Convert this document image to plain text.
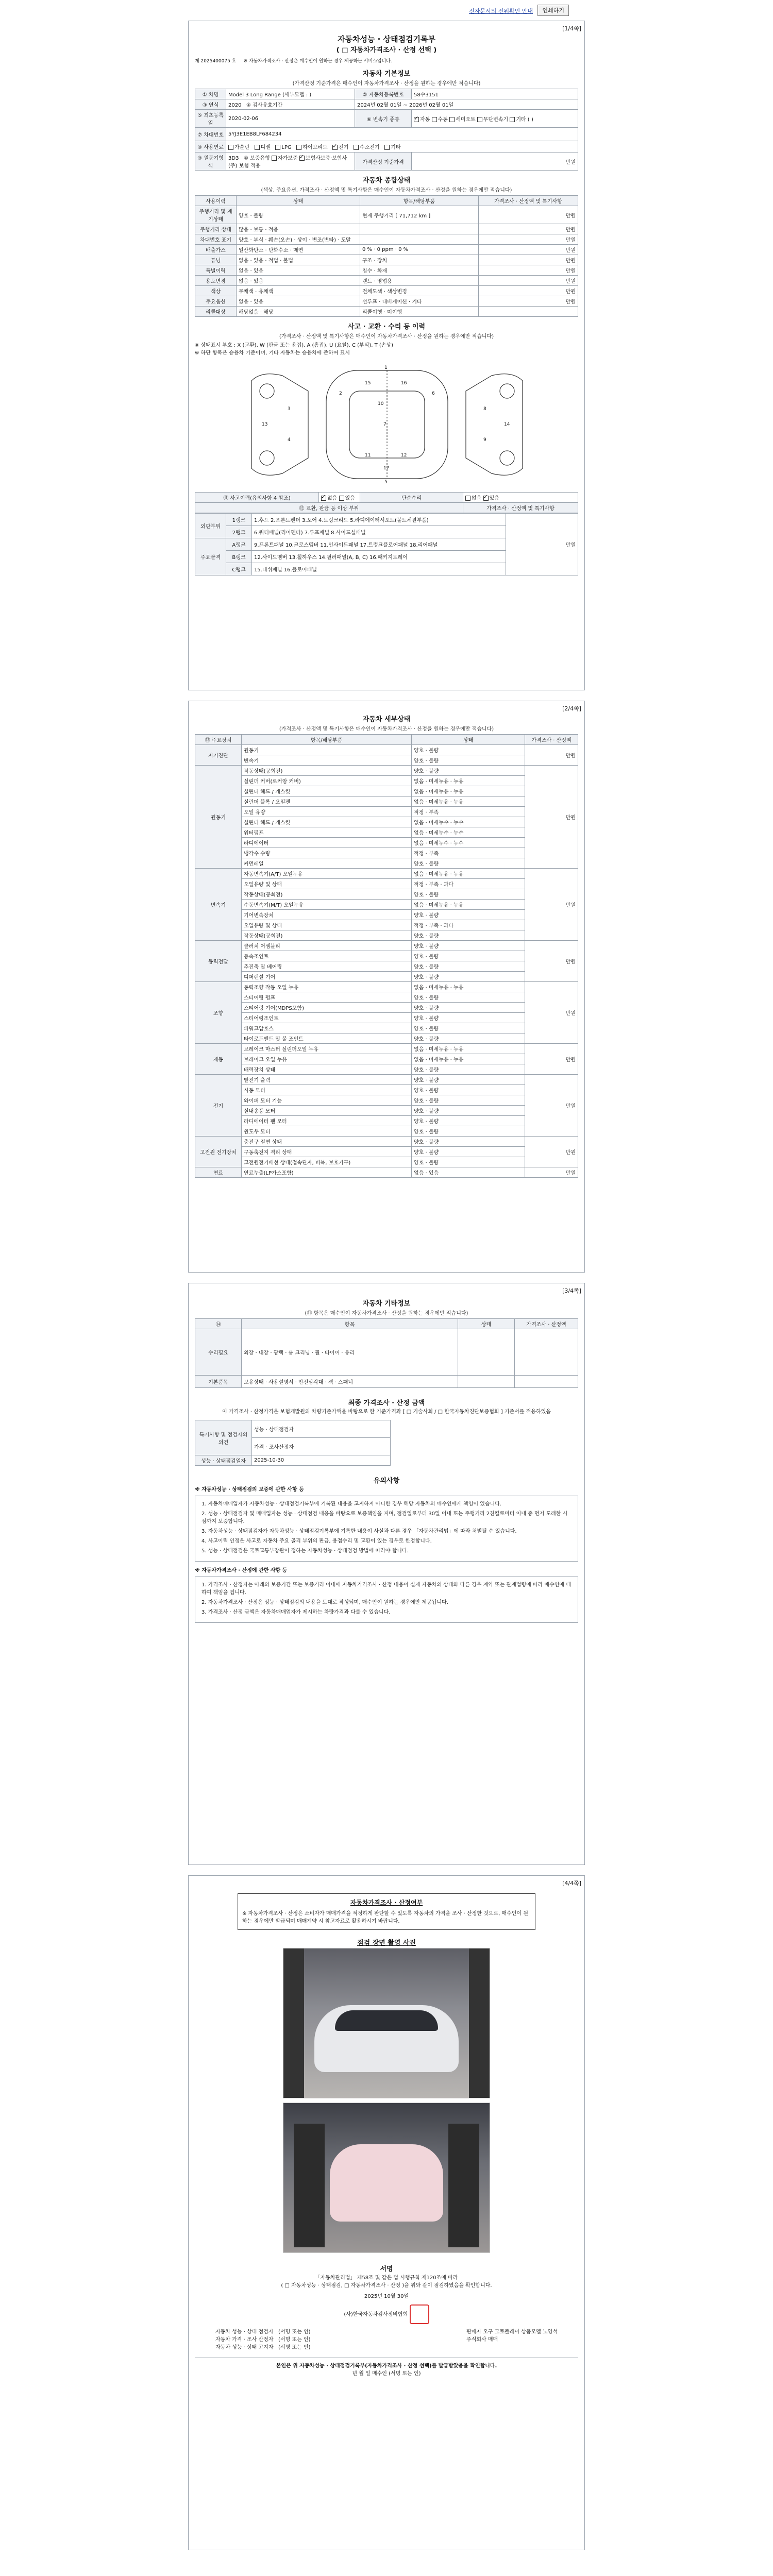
[1/4쪽]
전자문서의 진위확인 안내	인쇄하기
자동차성능 · 상태점검기록부
( □ 자동차가격조사 · 산정 선택 )
제 2025400075 호 ※ 자동차가격조사 · 산정은 매수인이 원하는 경우 제공하는 서비스입니다.
자동차 기본정보
(가격산정 기준가격은 매수인이 자동차가격조사 · 산정을 원하는 경우에만 적습니다)
① 차명	Model 3 Long Range (세부모델 : )	② 자동차등록번호	58수3151
③ 연식	2020 ④ 검사유효기간	2024년 02월 01일 ~ 2026년 02월 01일	
⑤ 최초등록일	2020-02-06	⑥ 변속기 종류	✓자동 수동 세미오토 무단변속기 기타 ( )
⑦ 차대번호	5YJ3E1EB8LF684234		
⑧ 사용연료	가솔린 디젤 LPG 하이브리드 ✓ 전기 수소전기 기타
⑨ 원동기형식	3D3 ⑩ 보증유형 자가보증 ✓ 보험사보증·보험사(주) 보험 적용	가격산정 기준가격	만원
자동차 종합상태
(색상, 주요옵션, 가격조사 · 산정액 및 특기사항은 매수인이 자동차가격조사 · 산정을 원하는 경우에만 적습니다)
사용이력	상태	항목/해당부품	가격조사 · 산정액 및 특기사항
주행거리 및 계기상태	양호 · 불량	현재 주행거리 [ 71,712 km ]	만원
주행거리 상태	많음 · 보통 · 적음		만원
차대번호 표기	양호 · 부식 · 훼손(오손) · 상이 · 변조(변타) · 도말		만원
배출가스	일산화탄소 · 탄화수소 · 매연	0 % · 0 ppm · 0 %	만원
튜닝	없음 · 있음 · 적법 · 불법	구조 · 장치	만원
특별이력	없음 · 있음	침수 · 화재	만원
용도변경	없음 · 있음	렌트 · 영업용	만원
색상	무채색 · 유채색	전체도색 · 색상변경	만원
주요옵션	없음 · 있음	선루프 · 내비게이션 · 기타	만원
리콜대상	해당없음 · 해당	리콜이행 · 미이행	
사고 · 교환 · 수리 등 이력
(가격조사 · 산정액 및 특기사항은 매수인이 자동차가격조사 · 산정을 원하는 경우에만 적습니다)
※ 상태표시 부호 : X (교환), W (판금 또는 용접), A (흠집), U (요철), C (부식), T (손상)
※ 하단 항목은 승용차 기준이며, 기타 자동차는 승용차에 준하여 표시
1
2
3
4
5
6
7
8
9
10
11	12
13	14
15	16
17
⑪ 사고이력(유의사항 4 참조)	✓없음 있음	단순수리	없음 ✓ 있음
⑫ 교환, 판금 등 이상 부위			가격조사 · 산정액 및 특기사항
외판부위	1랭크	1.후드 2.프론트펜더 3.도어 4.트렁크리드 5.라디에이터서포트(볼트체결부품)	만원
	2랭크	6.쿼터패널(리어펜더) 7.루프패널 8.사이드실패널	
주요골격	A랭크	9.프론트패널 10.크로스멤버 11.인사이드패널 17.트렁크플로어패널 18.리어패널	
	B랭크	12.사이드멤버 13.휠하우스 14.필러패널(A, B, C) 16.패키지트레이	
	C랭크	15.대쉬패널 16.플로어패널	
[2/4쪽]
자동차 세부상태
(가격조사 · 산정액 및 특기사항은 매수인이 자동차가격조사 · 산정을 원하는 경우에만 적습니다)
⑬ 주요장치	항목/해당부품	상태	가격조사 · 산정액
자기진단	원동기	양호 · 불량	만원
	변속기	양호 · 불량	
원동기	작동상태(공회전)	양호 · 불량	만원
	실린더 커버(로커암 커버)	없음 · 미세누유 · 누유	
	실린더 헤드 / 개스킷	없음 · 미세누유 · 누유	
	실린더 블록 / 오일팬	없음 · 미세누유 · 누유	
	오일 유량	적정 · 부족	
	실린더 헤드 / 개스킷	없음 · 미세누수 · 누수	
	워터펌프	없음 · 미세누수 · 누수	
	라디에이터	없음 · 미세누수 · 누수	
	냉각수 수량	적정 · 부족	
	커먼레일	양호 · 불량	
변속기	자동변속기(A/T) 오일누유	없음 · 미세누유 · 누유	만원
	오일유량 및 상태	적정 · 부족 · 과다	
	작동상태(공회전)	양호 · 불량	
	수동변속기(M/T) 오일누유	없음 · 미세누유 · 누유	
	기어변속장치	양호 · 불량	
	오일유량 및 상태	적정 · 부족 · 과다	
	작동상태(공회전)	양호 · 불량	
동력전달	클러치 어셈블리	양호 · 불량	만원
	등속조인트	양호 · 불량	
	추진축 및 베어링	양호 · 불량	
	디퍼렌셜 기어	양호 · 불량	
조향	동력조향 작동 오일 누유	없음 · 미세누유 · 누유	만원
	스티어링 펌프	양호 · 불량	
	스티어링 기어(MDPS포함)	양호 · 불량	
	스티어링조인트	양호 · 불량	
	파워고압호스	양호 · 불량	
	타이로드엔드 및 볼 조인트	양호 · 불량	
제동	브레이크 마스터 실린더오일 누유	없음 · 미세누유 · 누유	만원
	브레이크 오일 누유	없음 · 미세누유 · 누유	
	배력장치 상태	양호 · 불량	
전기	발전기 출력	양호 · 불량	만원
	시동 모터	양호 · 불량	
	와이퍼 모터 기능	양호 · 불량	
	실내송풍 모터	양호 · 불량	
	라디에이터 팬 모터	양호 · 불량	
	윈도우 모터	양호 · 불량	
고전원 전기장치	충전구 절연 상태	양호 · 불량	만원
	구동축전지 격리 상태	양호 · 불량	
	고전원전기배선 상태(접속단자, 피복, 보호기구)	양호 · 불량	
연료	연료누출(LP가스포함)	없음 · 있음	만원
[3/4쪽]
자동차 기타정보
(⑪ 항목은 매수인이 자동차가격조사 · 산정을 원하는 경우에만 적습니다)
⑭	항목	상태	가격조사 · 산정액
수리필요	외장 · 내장 · 광택 · 룸 크리닝 · 휠 · 타이어 · 유리		
기본품목	보유상태 · 사용설명서 · 안전삼각대 · 잭 · 스패너		
최종 가격조사 · 산정 금액
이 가격조사 · 산정가격은 보험개발원의 차량기준가액을 바탕으로 한 기준가격과 [ □ 기술사회 / □ 한국자동차진단보증협회 ] 기준서를 적용하였음
특기사항 및 점검자의 의견	성능 · 상태점검자
	가격 · 조사산정자
성능 · 상태점검일자	2025-10-30
유의사항
※ 자동차성능 · 상태점검의 보증에 관한 사항 등
1. 자동차매매업자가 자동차성능 · 상태점검기록부에 기록된 내용을 고지하지 아니한 경우 해당 자동차의 매수인에게 책임이 있습니다.
2. 성능 · 상태점검자 및 매매업자는 성능 · 상태점검 내용을 바탕으로 보증책임을 지며, 점검일로부터 30일 이내 또는 주행거리 2천킬로미터 이내 중 먼저 도래한 시점까지 보증합니다.
3. 자동차성능 · 상태점검자가 자동차성능 · 상태점검기록부에 기록한 내용이 사실과 다른 경우 「자동차관리법」에 따라 처벌될 수 있습니다.
4. 사고이력 인정은 사고로 자동차 주요 골격 부위의 판금, 용접수리 및 교환이 있는 경우로 한정합니다.
5. 성능 · 상태점검은 국토교통부장관이 정하는 자동차성능 · 상태점검 방법에 따라야 합니다.
※ 자동차가격조사 · 산정에 관한 사항 등
1. 가격조사 · 산정자는 아래의 보증기간 또는 보증거리 이내에 자동차가격조사 · 산정 내용이 실제 자동차의 상태와 다른 경우 계약 또는 관계법령에 따라 매수인에 대하여 책임을 집니다.
2. 자동차가격조사 · 산정은 성능 · 상태점검의 내용을 토대로 작성되며, 매수인이 원하는 경우에만 제공됩니다.
3. 가격조사 · 산정 금액은 자동차매매업자가 제시하는 차량가격과 다를 수 있습니다.
[4/4쪽]
자동차가격조사 · 산정여부
※ 자동차가격조사 · 산정은 소비자가 매매가격을 적정하게 판단할 수 있도록 자동차의 가격을 조사 · 산정한 것으로, 매수인이 원하는 경우에만 발급되며 매매계약 시 참고자료로 활용하시기 바랍니다.
점검 장면 촬영 사진
서명
「자동차관리법」 제58조 및 같은 법 시행규칙 제120조에 따라
( □ 자동차성능 · 상태점검, □ 자동차가격조사 · 산정 )을 위와 같이 점검하였음을 확인합니다.
2025년 10월 30일
(사)한국자동차검사정비협회
자동차 성능 · 상태 점검자 (서명 또는 인)
자동차 가격 · 조사 산정자 (서명 또는 인)
자동차 성능 · 상태 고지자 (서명 또는 인)
판매자 오구 모토플레이 상품모델 노영석
주식회사 매매
본인은 위 자동차성능 · 상태점검기록부(자동차가격조사 · 산정 선택)를 발급받았음을 확인합니다.
년 월 일 매수인 (서명 또는 인)
